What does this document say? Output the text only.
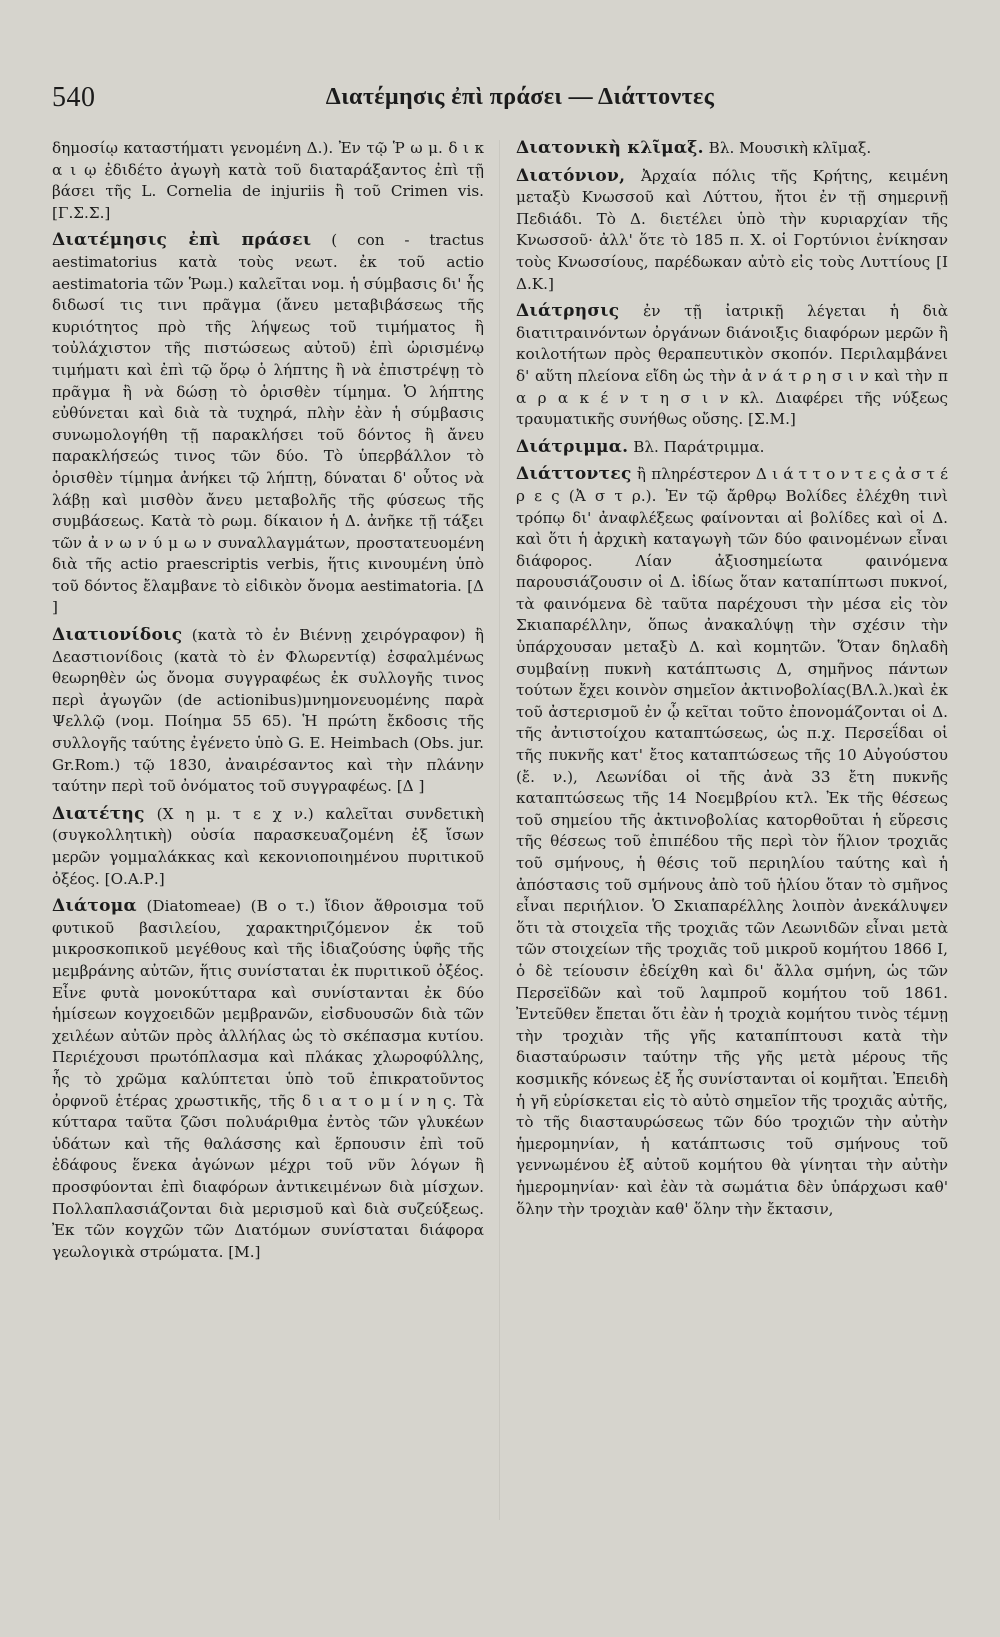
540	Διατέμησις ἐπὶ πράσει — Διάττοντες

δημοσίῳ καταστήματι γενομένη Δ.). Ἐν τῷ Ῥ ω μ. δ ι κ α ι ῳ ἐδιδέτο ἀγωγὴ κατὰ τοῦ διαταράξαντος ἐπὶ τῇ βάσει τῆς L. Cornelia de injuriis ἢ τοῦ Crimen vis. [Γ.Σ.Σ.]

Διατέμησις ἐπὶ πράσει ( con - tractus aestimatorius κατὰ τοὺς νεωτ. ἐκ τοῦ actio aestimatoria τῶν Ῥωμ.) καλεῖται νομ. ἡ σύμβασις δι' ἧς διδωσί τις τινι πρᾶγμα (ἄνευ μεταβιβάσεως τῆς κυριότητος πρὸ τῆς λήψεως τοῦ τιμήματος ἢ τοὐλάχιστον τῆς πιστώσεως αὐτοῦ) ἐπὶ ὡρισμένῳ τιμήματι καὶ ἐπὶ τῷ ὅρῳ ὁ λήπτης ἢ νὰ ἐπιστρέψῃ τὸ πρᾶγμα ἢ νὰ δώσῃ τὸ ὁρισθὲν τίμημα. Ὁ λήπτης εὐθύνεται καὶ διὰ τὰ τυχηρά, πλὴν ἐὰν ἡ σύμβασις συνωμολογήθη τῇ παρακλήσει τοῦ δόντος ἢ ἄνευ παρακλήσεώς τινος τῶν δύο. Τὸ ὑπερβάλλον τὸ ὁρισθὲν τίμημα ἀνήκει τῷ λήπτῃ, δύναται δ' οὗτος νὰ λάβῃ καὶ μισθὸν ἄνευ μεταβολῆς τῆς φύσεως τῆς συμβάσεως. Κατὰ τὸ ρωμ. δίκαιον ἡ Δ. ἀνῆκε τῇ τάξει τῶν ἀ ν ω ν ύ μ ω ν συναλλαγμάτων, προστατευομένη διὰ τῆς actio praescriptis verbis, ἥτις κινουμένη ὑπὸ τοῦ δόντος ἔλαμβανε τὸ εἰδικὸν ὄνομα aestimatoria. [Δ ]

Διατιονίδοις (κατὰ τὸ ἐν Βιέννῃ χειρόγραφον) ἢ Δεαστιονίδοις (κατὰ τὸ ἐν Φλωρεντίᾳ) ἐσφαλμένως θεωρηθὲν ὡς ὄνομα συγγραφέως ἐκ συλλογῆς τινος περὶ ἀγωγῶν (de actionibus)μνημονευομένης παρὰ Ψελλῷ (νομ. Ποίημα 55 65). Ἡ πρώτη ἔκδοσις τῆς συλλογῆς ταύτης ἐγένετο ὑπὸ G. E. Heimbach (Obs. jur. Gr.Rom.) τῷ 1830, ἀναιρέσαντος καὶ τὴν πλάνην ταύτην περὶ τοῦ ὀνόματος τοῦ συγγραφέως. [Δ ]

Διατέτης (Χ η μ. τ ε χ ν.) καλεῖται συνδετικὴ (συγκολλητικὴ) οὐσία παρασκευαζομένη ἐξ ἴσων μερῶν γομμαλάκκας καὶ κεκονιοποιημένου πυριτικοῦ ὀξέος. [Ο.Α.Ρ.]

Διάτομα (Diatomeae) (Β ο τ.) ἴδιον ἄθροισμα τοῦ φυτικοῦ βασιλείου, χαρακτηριζόμενον ἐκ τοῦ μικροσκοπικοῦ μεγέθους καὶ τῆς ἰδιαζούσης ὑφῆς τῆς μεμβράνης αὐτῶν, ἥτις συνίσταται ἐκ πυριτικοῦ ὀξέος. Εἶνε φυτὰ μονοκύτταρα καὶ συνίστανται ἐκ δύο ἡμίσεων κογχοειδῶν μεμβρανῶν, εἰσδυουσῶν διὰ τῶν χειλέων αὐτῶν πρὸς ἀλλήλας ὡς τὸ σκέπασμα κυτίου. Περιέχουσι πρωτόπλασμα καὶ πλάκας χλωροφύλλης, ἧς τὸ χρῶμα καλύπτεται ὑπὸ τοῦ ἐπικρατοῦντος ὀρφνοῦ ἑτέρας χρωστικῆς, τῆς δ ι α τ ο μ ί ν η ς. Τὰ κύτταρα ταῦτα ζῶσι πολυάριθμα ἐντὸς τῶν γλυκέων ὑδάτων καὶ τῆς θαλάσσης καὶ ἕρπουσιν ἐπὶ τοῦ ἐδάφους ἕνεκα ἀγώνων μέχρι τοῦ νῦν λόγων ἢ προσφύονται ἐπὶ διαφόρων ἀντικειμένων διὰ μίσχων. Πολλαπλασιάζονται διὰ μερισμοῦ καὶ διὰ συζεύξεως. Ἐκ τῶν κογχῶν τῶν Διατόμων συνίσταται διάφορα γεωλογικὰ στρώματα. [Μ.]

Διατονικὴ κλῖμαξ. Βλ. Μουσικὴ κλῖμαξ.

Διατόνιον, Ἀρχαία πόλις τῆς Κρήτης, κειμένη μεταξὺ Κνωσσοῦ καὶ Λύττου, ἤτοι ἐν τῇ σημερινῇ Πεδιάδι. Τὸ Δ. διετέλει ὑπὸ τὴν κυριαρχίαν τῆς Κνωσσοῦ· ἀλλ' ὅτε τὸ 185 π. Χ. οἱ Γορτύνιοι ἐνίκησαν τοὺς Κνωσσίους, παρέδωκαν αὐτὸ εἰς τοὺς Λυττίους [Ι Δ.Κ.]

Διάτρησις ἐν τῇ ἰατρικῇ λέγεται ἡ διὰ διατιτραινόντων ὀργάνων διάνοιξις διαφόρων μερῶν ἢ κοιλοτήτων πρὸς θεραπευτικὸν σκοπόν. Περιλαμβάνει δ' αὕτη πλείονα εἴδη ὡς τὴν ἀ ν ά τ ρ η σ ι ν καὶ τὴν π α ρ α κ έ ν τ η σ ι ν κλ. Διαφέρει τῆς νύξεως τραυματικῆς συνήθως οὔσης. [Σ.Μ.]

Διάτριμμα. Βλ. Παράτριμμα.

Διάττοντες ἢ πληρέστερον Δ ι ά τ τ ο ν τ ε ς ἀ σ τ έ ρ ε ς (Ἀ σ τ ρ.). Ἐν τῷ ἄρθρῳ Βολίδες ἐλέχθη τινὶ τρόπῳ δι' ἀναφλέξεως φαίνονται αἱ βολίδες καὶ οἱ Δ. καὶ ὅτι ἡ ἀρχικὴ καταγωγὴ τῶν δύο φαινομένων εἶναι διάφορος. Λίαν ἀξιοσημείωτα φαινόμενα παρουσιάζουσιν οἱ Δ. ἰδίως ὅταν καταπίπτωσι πυκνοί, τὰ φαινόμενα δὲ ταῦτα παρέχουσι τὴν μέσα εἰς τὸν Σκιαπαρέλλην, ὅπως ἀνακαλύψῃ τὴν σχέσιν τὴν ὑπάρχουσαν μεταξὺ Δ. καὶ κομητῶν. Ὅταν δηλαδὴ συμβαίνῃ πυκνὴ κατάπτωσις Δ, σημῆνος πάντων τούτων ἔχει κοινὸν σημεῖον ἀκτινοβολίας(ΒΛ.λ.)καὶ ἐκ τοῦ ἀστερισμοῦ ἐν ᾧ κεῖται τοῦτο ἐπονομάζονται οἱ Δ. τῆς ἀντιστοίχου καταπτώσεως, ὡς π.χ. Περσεΐδαι οἱ τῆς πυκνῆς κατ' ἔτος καταπτώσεως τῆς 10 Αὐγούστου (ἔ. ν.), Λεωνίδαι οἱ τῆς ἀνὰ 33 ἔτη πυκνῆς καταπτώσεως τῆς 14 Νοεμβρίου κτλ. Ἐκ τῆς θέσεως τοῦ σημείου τῆς ἀκτινοβολίας κατορθοῦται ἡ εὕρεσις τῆς θέσεως τοῦ ἐπιπέδου τῆς περὶ τὸν ἥλιον τροχιᾶς τοῦ σμήνους, ἡ θέσις τοῦ περιηλίου ταύτης καὶ ἡ ἀπόστασις τοῦ σμήνους ἀπὸ τοῦ ἡλίου ὅταν τὸ σμῆνος εἶναι περιήλιον. Ὁ Σκιαπαρέλλης λοιπὸν ἀνεκάλυψεν ὅτι τὰ στοιχεῖα τῆς τροχιᾶς τῶν Λεωνιδῶν εἶναι μετὰ τῶν στοιχείων τῆς τροχιᾶς τοῦ μικροῦ κομήτου 1866 Ι, ὁ δὲ τείουσιν ἐδείχθη καὶ δι' ἄλλα σμήνη, ὡς τῶν Περσεϊδῶν καὶ τοῦ λαμπροῦ κομήτου τοῦ 1861. Ἐντεῦθεν ἔπεται ὅτι ἐὰν ἡ τροχιὰ κομήτου τινὸς τέμνῃ τὴν τροχιὰν τῆς γῆς καταπίπτουσι κατὰ τὴν διασταύρωσιν ταύτην τῆς γῆς μετὰ μέρους τῆς κοσμικῆς κόνεως ἐξ ἧς συνίστανται οἱ κομῆται. Ἐπειδὴ ἡ γῆ εὑρίσκεται εἰς τὸ αὐτὸ σημεῖον τῆς τροχιᾶς αὐτῆς, τὸ τῆς διασταυρώσεως τῶν δύο τροχιῶν τὴν αὐτὴν ἡμερομηνίαν, ἡ κατάπτωσις τοῦ σμήνους τοῦ γεννωμένου ἐξ αὐτοῦ κομήτου θὰ γίνηται τὴν αὐτὴν ἡμερομηνίαν· καὶ ἐὰν τὰ σωμάτια δὲν ὑπάρχωσι καθ' ὅλην τὴν τροχιὰν καθ' ὅλην τὴν ἔκτασιν,
